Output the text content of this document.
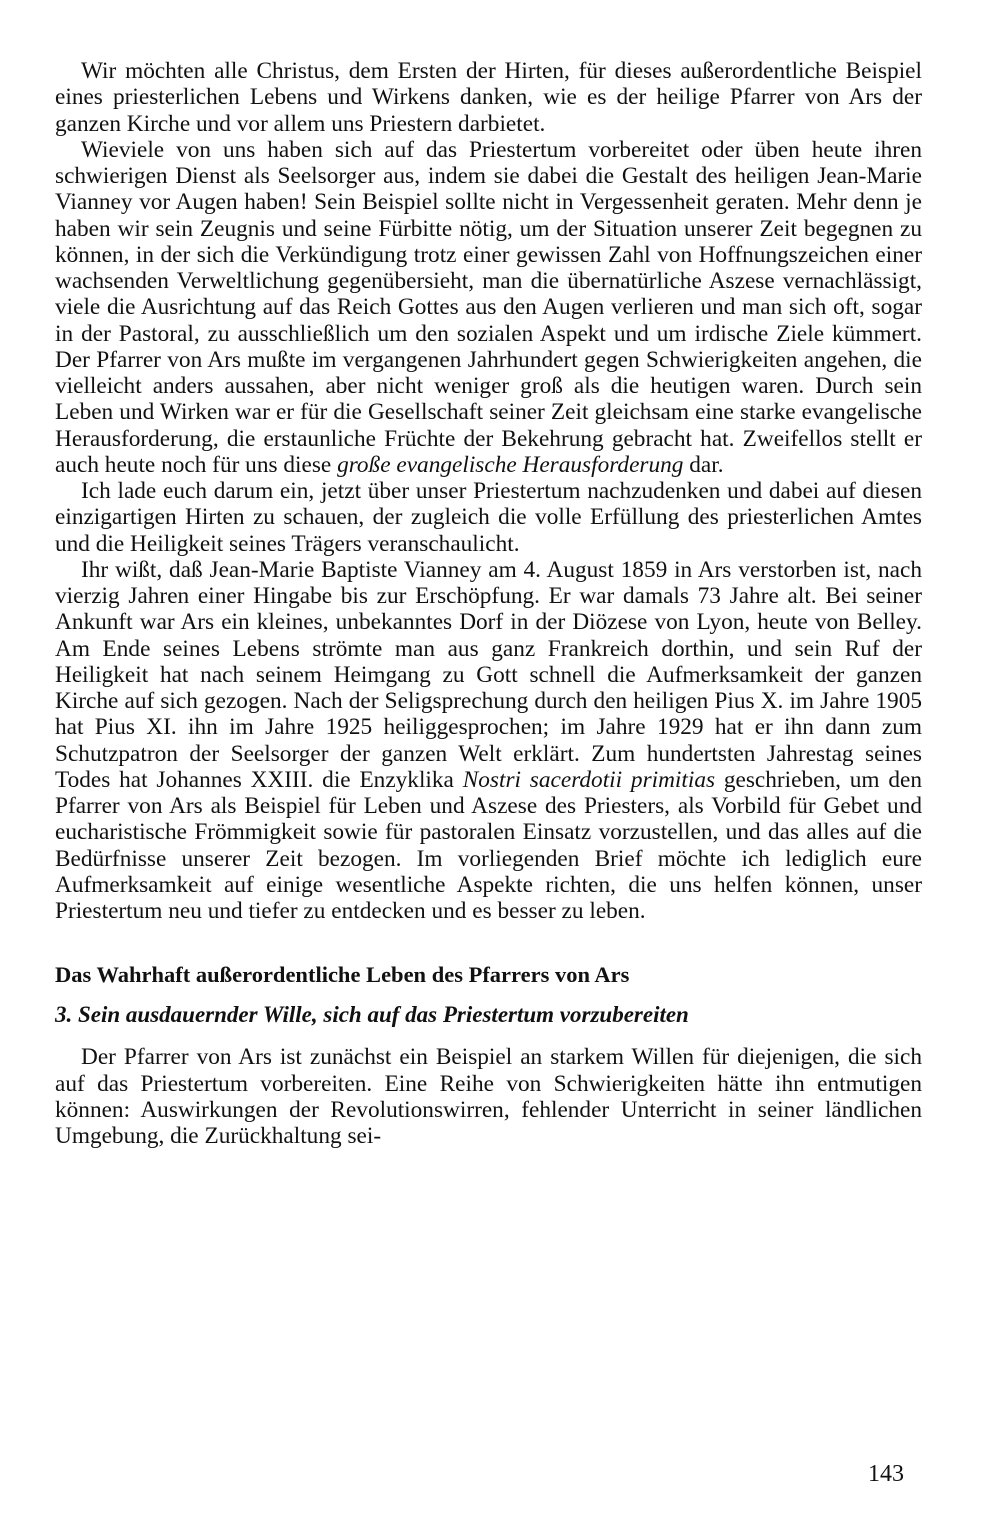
Wir möchten alle Christus, dem Ersten der Hirten, für dieses außerordentliche Beispiel eines priesterlichen Lebens und Wirkens danken, wie es der heilige Pfarrer von Ars der ganzen Kirche und vor allem uns Priestern darbietet.

Wieviele von uns haben sich auf das Priestertum vorbereitet oder üben heute ihren schwierigen Dienst als Seelsorger aus, indem sie dabei die Gestalt des heiligen Jean-Marie Vianney vor Augen haben! Sein Beispiel sollte nicht in Vergessenheit geraten. Mehr denn je haben wir sein Zeugnis und seine Fürbitte nötig, um der Situation unserer Zeit begegnen zu können, in der sich die Verkündigung trotz einer gewissen Zahl von Hoffnungszeichen einer wachsenden Verweltlichung gegenübersieht, man die übernatürliche Aszese vernachlässigt, viele die Ausrichtung auf das Reich Gottes aus den Augen verlieren und man sich oft, sogar in der Pastoral, zu ausschließlich um den sozialen Aspekt und um irdische Ziele kümmert. Der Pfarrer von Ars mußte im vergangenen Jahrhundert gegen Schwierigkeiten angehen, die vielleicht anders aussahen, aber nicht weniger groß als die heutigen waren. Durch sein Leben und Wirken war er für die Gesellschaft seiner Zeit gleichsam eine starke evangelische Herausforderung, die erstaunliche Früchte der Bekehrung gebracht hat. Zweifellos stellt er auch heute noch für uns diese große evangelische Herausforderung dar.

Ich lade euch darum ein, jetzt über unser Priestertum nachzudenken und dabei auf diesen einzigartigen Hirten zu schauen, der zugleich die volle Erfüllung des priesterlichen Amtes und die Heiligkeit seines Trägers veranschaulicht.

Ihr wißt, daß Jean-Marie Baptiste Vianney am 4. August 1859 in Ars verstorben ist, nach vierzig Jahren einer Hingabe bis zur Erschöpfung. Er war damals 73 Jahre alt. Bei seiner Ankunft war Ars ein kleines, unbekanntes Dorf in der Diözese von Lyon, heute von Belley. Am Ende seines Lebens strömte man aus ganz Frankreich dorthin, und sein Ruf der Heiligkeit hat nach seinem Heimgang zu Gott schnell die Aufmerksamkeit der ganzen Kirche auf sich gezogen. Nach der Seligsprechung durch den heiligen Pius X. im Jahre 1905 hat Pius XI. ihn im Jahre 1925 heiliggesprochen; im Jahre 1929 hat er ihn dann zum Schutzpatron der Seelsorger der ganzen Welt erklärt. Zum hundertsten Jahrestag seines Todes hat Johannes XXIII. die Enzyklika Nostri sacerdotii primitias geschrieben, um den Pfarrer von Ars als Beispiel für Leben und Aszese des Priesters, als Vorbild für Gebet und eucharistische Frömmigkeit sowie für pastoralen Einsatz vorzustellen, und das alles auf die Bedürfnisse unserer Zeit bezogen. Im vorliegenden Brief möchte ich lediglich eure Aufmerksamkeit auf einige wesentliche Aspekte richten, die uns helfen können, unser Priestertum neu und tiefer zu entdecken und es besser zu leben.

Das Wahrhaft außerordentliche Leben des Pfarrers von Ars
3. Sein ausdauernder Wille, sich auf das Priestertum vorzubereiten

Der Pfarrer von Ars ist zunächst ein Beispiel an starkem Willen für diejenigen, die sich auf das Priestertum vorbereiten. Eine Reihe von Schwierigkeiten hätte ihn entmutigen können: Auswirkungen der Revolutionswirren, fehlender Unterricht in seiner ländlichen Umgebung, die Zurückhaltung sei-

143
